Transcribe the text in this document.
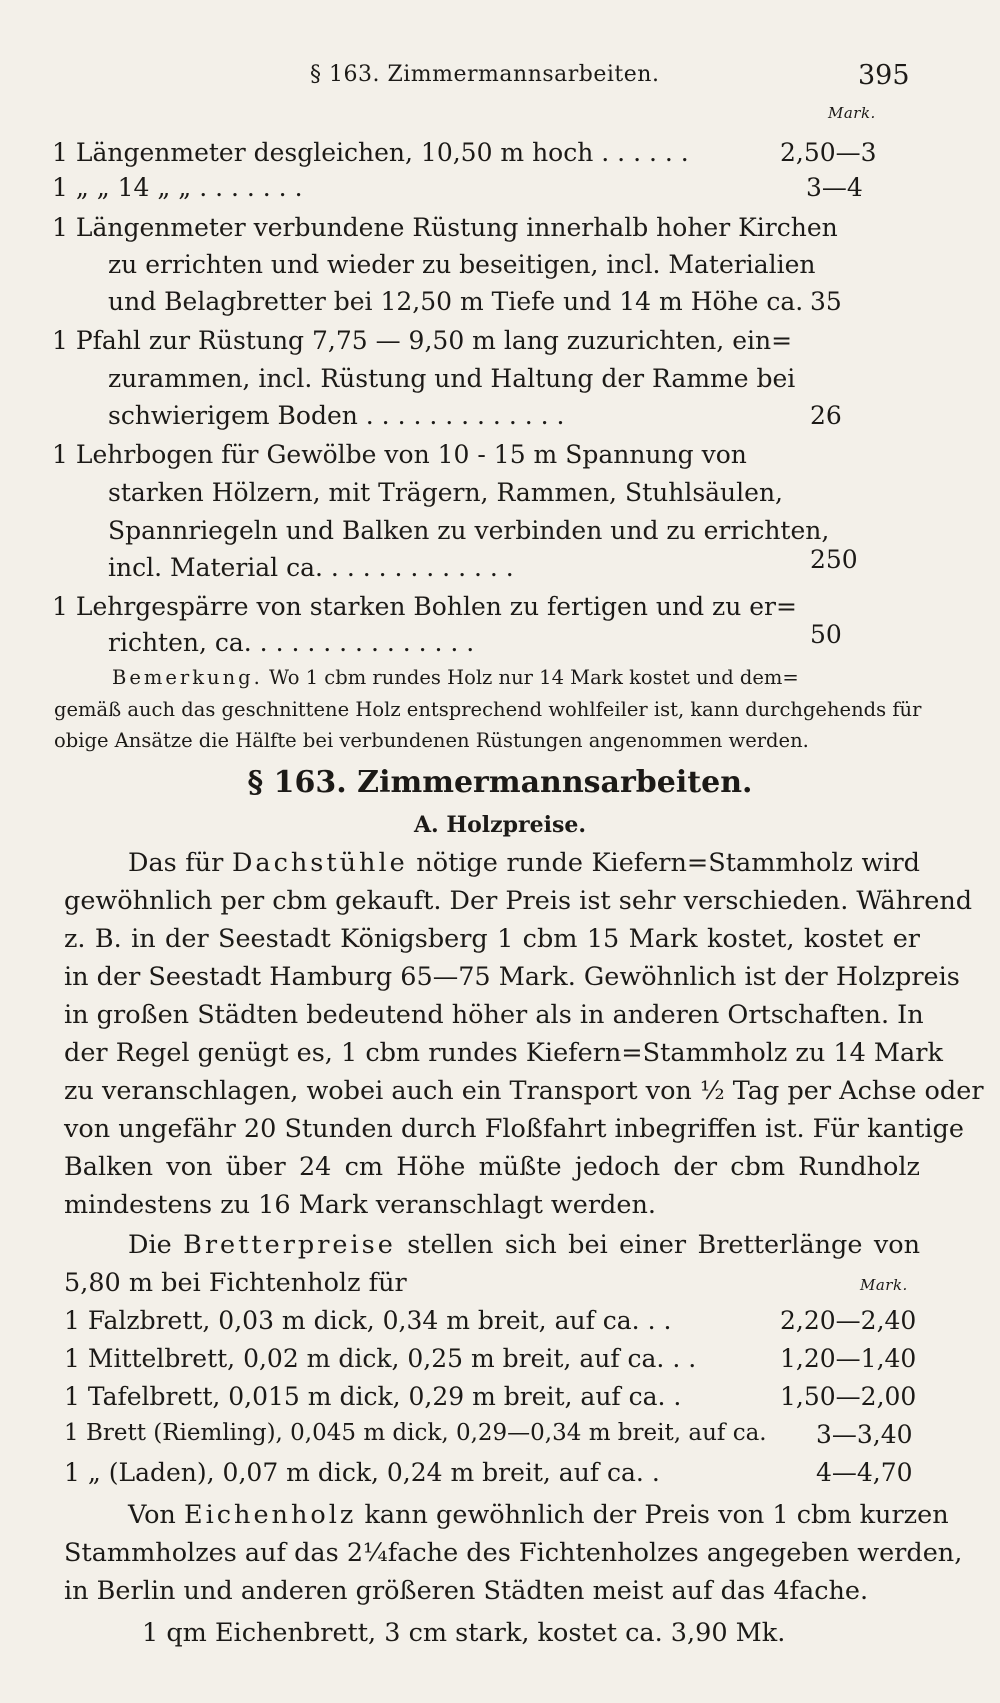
§ 163. Zimmermannsarbeiten.	395
Mark.
1 Längenmeter desgleichen, 10,50 m hoch . . . . . .	2,50—3
1 „ „ 14 „ „ . . . . . . .	3—4
1 Längenmeter verbundene Rüstung innerhalb hoher Kirchen
zu errichten und wieder zu beseitigen, incl. Materialien
und Belagbretter bei 12,50 m Tiefe und 14 m Höhe ca. 35
1 Pfahl zur Rüstung 7,75 — 9,50 m lang zuzurichten, ein=
zurammen, incl. Rüstung und Haltung der Ramme bei
schwierigem Boden . . . . . . . . . . . . .	26
1 Lehrbogen für Gewölbe von 10 - 15 m Spannung von
starken Hölzern, mit Trägern, Rammen, Stuhlsäulen,
Spannriegeln und Balken zu verbinden und zu errichten,
incl. Material ca. . . . . . . . . . . . .	250
1 Lehrgespärre von starken Bohlen zu fertigen und zu er=
richten, ca. . . . . . . . . . . . . . .	50
Bemerkung. Wo 1 cbm rundes Holz nur 14 Mark kostet und dem=
gemäß auch das geschnittene Holz entsprechend wohlfeiler ist, kann durchgehends für
obige Ansätze die Hälfte bei verbundenen Rüstungen angenommen werden.
§ 163. Zimmermannsarbeiten.
A. Holzpreise.
Das für Dachstühle nötige runde Kiefern=Stammholz wird
gewöhnlich per cbm gekauft. Der Preis ist sehr verschieden. Während
z. B. in der Seestadt Königsberg 1 cbm 15 Mark kostet, kostet er
in der Seestadt Hamburg 65—75 Mark. Gewöhnlich ist der Holzpreis
in großen Städten bedeutend höher als in anderen Ortschaften. In
der Regel genügt es, 1 cbm rundes Kiefern=Stammholz zu 14 Mark
zu veranschlagen, wobei auch ein Transport von ½ Tag per Achse oder
von ungefähr 20 Stunden durch Floßfahrt inbegriffen ist. Für kantige
Balken von über 24 cm Höhe müßte jedoch der cbm Rundholz
mindestens zu 16 Mark veranschlagt werden.
Die Bretterpreise stellen sich bei einer Bretterlänge von
5,80 m bei Fichtenholz für	Mark.
1 Falzbrett, 0,03 m dick, 0,34 m breit, auf ca. . .	2,20—2,40
1 Mittelbrett, 0,02 m dick, 0,25 m breit, auf ca. . .	1,20—1,40
1 Tafelbrett, 0,015 m dick, 0,29 m breit, auf ca. .	1,50—2,00
1 Brett (Riemling), 0,045 m dick, 0,29—0,34 m breit, auf ca. 3—3,40
1 „ (Laden), 0,07 m dick, 0,24 m breit, auf ca. .	4—4,70
Von Eichenholz kann gewöhnlich der Preis von 1 cbm kurzen
Stammholzes auf das 2¼fache des Fichtenholzes angegeben werden,
in Berlin und anderen größeren Städten meist auf das 4fache.
1 qm Eichenbrett, 3 cm stark, kostet ca. 3,90 Mk.
